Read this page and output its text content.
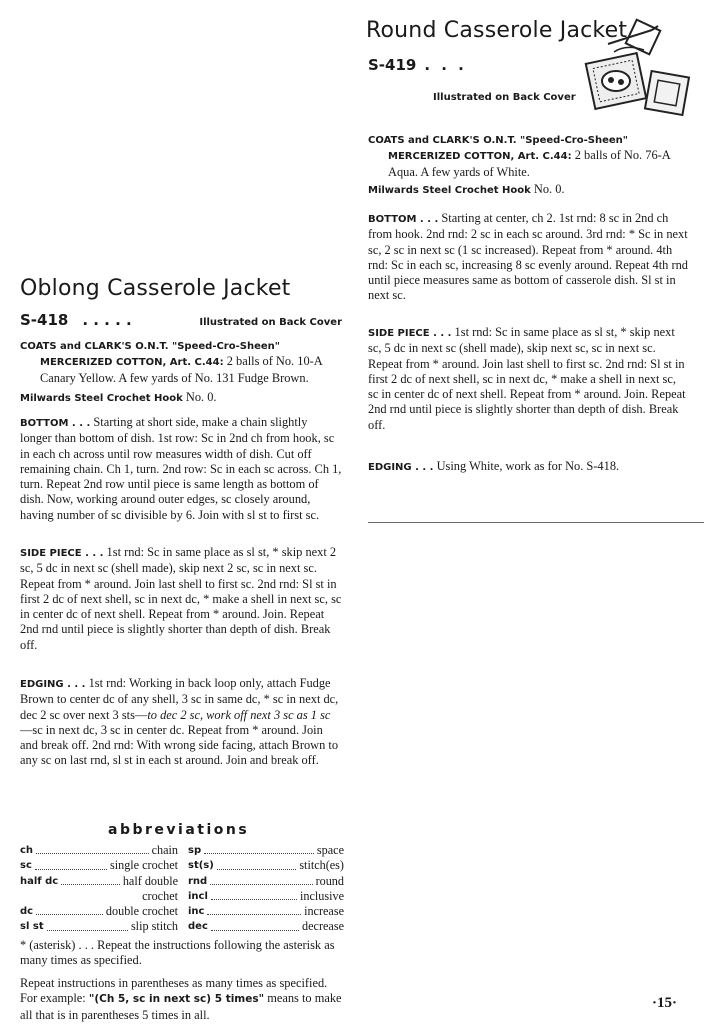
Round Casserole Jacket
S-419 . . .
Illustrated on Back Cover

COATS and CLARK'S O.N.T. "Speed-Cro-Sheen" MERCERIZED COTTON, Art. C.44: 2 balls of No. 76-A Aqua. A few yards of White.

Milwards Steel Crochet Hook No. 0.

BOTTOM . . . Starting at center, ch 2. 1st rnd: 8 sc in 2nd ch from hook. 2nd rnd: 2 sc in each sc around. 3rd rnd: * Sc in next sc, 2 sc in next sc (1 sc increased). Repeat from * around. 4th rnd: Sc in each sc, increasing 8 sc evenly around. Repeat 4th rnd until piece measures same as bottom of casserole dish. Sl st in next sc.

SIDE PIECE . . . 1st rnd: Sc in same place as sl st, * skip next sc, 5 dc in next sc (shell made), skip next sc, sc in next sc. Repeat from * around. Join last shell to first sc. 2nd rnd: Sl st in first 2 dc of next shell, sc in next dc, * make a shell in next sc, sc in center dc of next shell. Repeat from * around. Join. Repeat 2nd rnd until piece is slightly shorter than depth of dish. Break off.

EDGING . . . Using White, work as for No. S-418.

Oblong Casserole Jacket
S-418 . . . . .	Illustrated on Back Cover

COATS and CLARK'S O.N.T. "Speed-Cro-Sheen" MERCERIZED COTTON, Art. C.44: 2 balls of No. 10-A Canary Yellow. A few yards of No. 131 Fudge Brown.

Milwards Steel Crochet Hook No. 0.

BOTTOM . . . Starting at short side, make a chain slightly longer than bottom of dish. 1st row: Sc in 2nd ch from hook, sc in each ch across until row measures width of dish. Cut off remaining chain. Ch 1, turn. 2nd row: Sc in each sc across. Ch 1, turn. Repeat 2nd row until piece is same length as bottom of dish. Now, working around outer edges, sc closely around, having number of sc divisible by 6. Join with sl st to first sc.

SIDE PIECE . . . 1st rnd: Sc in same place as sl st, * skip next 2 sc, 5 dc in next sc (shell made), skip next 2 sc, sc in next sc. Repeat from * around. Join last shell to first sc. 2nd rnd: Sl st in first 2 dc of next shell, sc in next dc, * make a shell in next sc, sc in center dc of next shell. Repeat from * around. Join. Repeat 2nd rnd until piece is slightly shorter than depth of dish. Break off.

EDGING . . . 1st rnd: Working in back loop only, attach Fudge Brown to center dc of any shell, 3 sc in same dc, * sc in next dc, dec 2 sc over next 3 sts—to dec 2 sc, work off next 3 sc as 1 sc—sc in next dc, 3 sc in center dc. Repeat from * around. Join and break off. 2nd rnd: With wrong side facing, attach Brown to any sc on last rnd, sl st in each st around. Join and break off.

abbreviations
ch	chain
sc	single crochet
half dc	half double
crochet
dc	double crochet
sl st	slip stitch
sp	space
st(s)	stitch(es)
rnd	round
incl	inclusive
inc	increase
dec	decrease

* (asterisk) . . . Repeat the instructions following the asterisk as many times as specified.

Repeat instructions in parentheses as many times as specified. For example: "(Ch 5, sc in next sc) 5 times" means to make all that is in parentheses 5 times in all.

·15·
